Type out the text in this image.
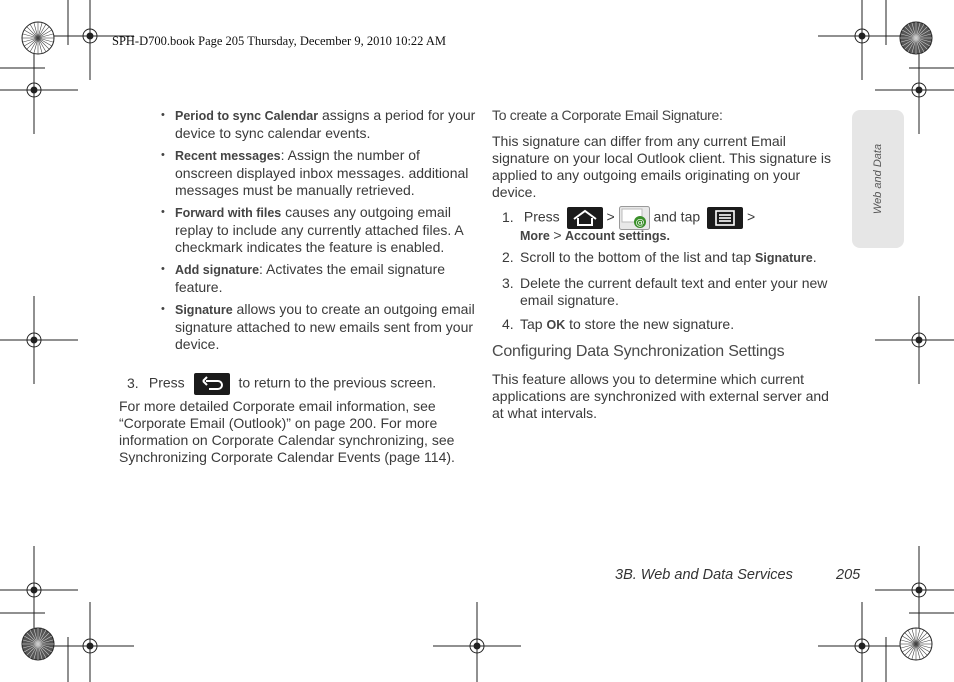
SPH-D700.book Page 205 Thursday, December 9, 2010 10:22 AM
• Period to sync Calendar assigns a period for your device to sync calendar events.
• Recent messages: Assign the number of onscreen displayed inbox messages. additional messages must be manually retrieved.
• Forward with files causes any outgoing email replay to include any currently attached files. A checkmark indicates the feature is enabled.
• Add signature: Activates the email signature feature.
• Signature allows you to create an outgoing email signature attached to new emails sent from your device.
3. Press	to return to the previous screen.
For more detailed Corporate email information, see “Corporate Email (Outlook)” on page 200. For more information on Corporate Calendar synchronizing, see Synchronizing Corporate Calendar Events (page 114).
To create a Corporate Email Signature:
This signature can differ from any current Email signature on your local Outlook client. This signature is applied to any outgoing emails originating on your device.
1. Press	> @ and tap	>
More > Account settings.
2. Scroll to the bottom of the list and tap Signature.
3. Delete the current default text and enter your new
email signature.
4. Tap OK to store the new signature.
Configuring Data Synchronization Settings
This feature allows you to determine which current applications are synchronized with external server and at what intervals.
Web and Data
3B. Web and Data Services	205
